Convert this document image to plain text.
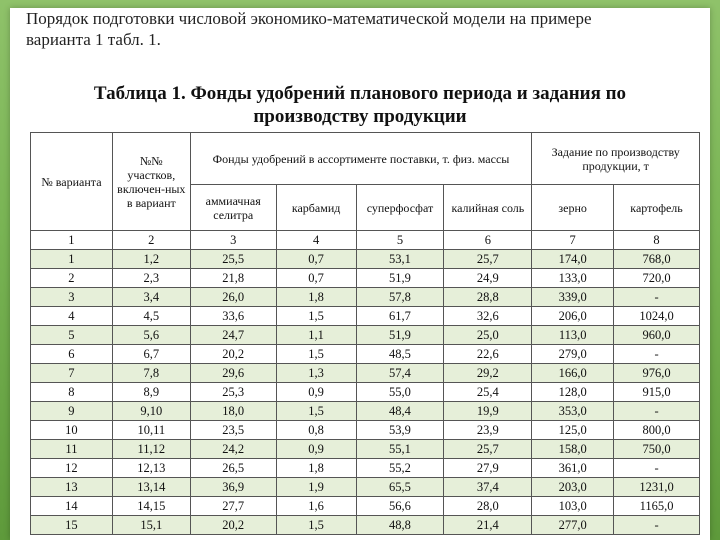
Порядок подготовки числовой экономико-математической модели на примере
варианта 1 табл. 1.
Таблица 1. Фонды удобрений планового периода и задания по
производству продукции
№ варианта	№№ участков, включен-ных в вариант	Фонды удобрений в ассортименте поставки, т. физ. массы				Задание по производству продукции, т	
		аммиачная селитра	карбамид	суперфосфат	калийная соль	зерно	картофель
1	2	3	4	5	6	7	8
1	1,2	25,5	0,7	53,1	25,7	174,0	768,0
2	2,3	21,8	0,7	51,9	24,9	133,0	720,0
3	3,4	26,0	1,8	57,8	28,8	339,0	-
4	4,5	33,6	1,5	61,7	32,6	206,0	1024,0
5	5,6	24,7	1,1	51,9	25,0	113,0	960,0
6	6,7	20,2	1,5	48,5	22,6	279,0	-
7	7,8	29,6	1,3	57,4	29,2	166,0	976,0
8	8,9	25,3	0,9	55,0	25,4	128,0	915,0
9	9,10	18,0	1,5	48,4	19,9	353,0	-
10	10,11	23,5	0,8	53,9	23,9	125,0	800,0
11	11,12	24,2	0,9	55,1	25,7	158,0	750,0
12	12,13	26,5	1,8	55,2	27,9	361,0	-
13	13,14	36,9	1,9	65,5	37,4	203,0	1231,0
14	14,15	27,7	1,6	56,6	28,0	103,0	1165,0
15	15,1	20,2	1,5	48,8	21,4	277,0	-
